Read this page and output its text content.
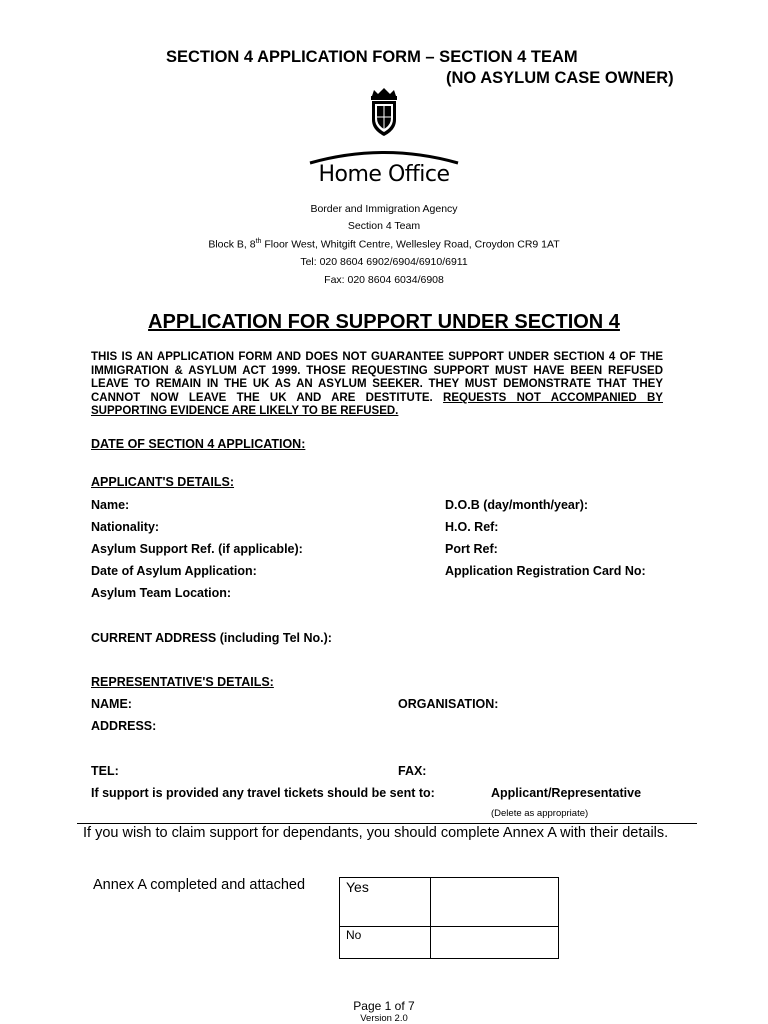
SECTION 4 APPLICATION FORM – SECTION 4 TEAM
(NO ASYLUM CASE OWNER)
Home Office
Border and Immigration Agency
Section 4 Team
Block B, 8th Floor West, Whitgift Centre, Wellesley Road, Croydon CR9 1AT
Tel: 020 8604 6902/6904/6910/6911
Fax: 020 8604 6034/6908
APPLICATION FOR SUPPORT UNDER SECTION 4
THIS IS AN APPLICATION FORM AND DOES NOT GUARANTEE SUPPORT UNDER SECTION 4 OF THE IMMIGRATION & ASYLUM ACT 1999. THOSE REQUESTING SUPPORT MUST HAVE BEEN REFUSED LEAVE TO REMAIN IN THE UK AS AN ASYLUM SEEKER. THEY MUST DEMONSTRATE THAT THEY CANNOT NOW LEAVE THE UK AND ARE DESTITUTE. REQUESTS NOT ACCOMPANIED BY SUPPORTING EVIDENCE ARE LIKELY TO BE REFUSED.
DATE OF SECTION 4 APPLICATION:
APPLICANT'S DETAILS:
Name:	D.O.B (day/month/year):
Nationality:	H.O. Ref:
Asylum Support Ref. (if applicable):	Port Ref:
Date of Asylum Application:	Application Registration Card No:
Asylum Team Location:
CURRENT ADDRESS (including Tel No.):
REPRESENTATIVE'S DETAILS:
NAME:	ORGANISATION:
ADDRESS:
TEL:	FAX:
If support is provided any travel tickets should be sent to:	Applicant/Representative
(Delete as appropriate)
If you wish to claim support for dependants, you should complete Annex A with their details.
Annex A completed and attached	Yes
No
Page 1 of 7
Version 2.0
